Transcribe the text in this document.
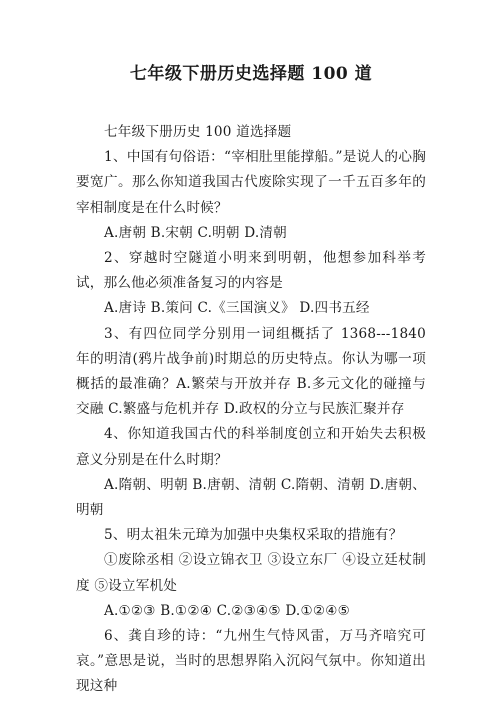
七年级下册历史选择题 100 道

七年级下册历史 100 道选择题

1、中国有句俗语：“宰相肚里能撑船。”是说人的心胸要宽广。那么你知道我国古代废除实现了一千五百多年的宰相制度是在什么时候？

A.唐朝 B.宋朝 C.明朝 D.清朝

2、穿越时空隧道小明来到明朝，他想参加科举考试，那么他必须准备复习的内容是

A.唐诗 B.策问 C.《三国演义》 D.四书五经

3、有四位同学分别用一词组概括了 1368---1840 年的明清(鸦片战争前)时期总的历史特点。你认为哪一项概括的最准确？A.繁荣与开放并存 B.多元文化的碰撞与交融 C.繁盛与危机并存 D.政权的分立与民族汇聚并存

4、你知道我国古代的科举制度创立和开始失去积极意义分别是在什么时期？

A.隋朝、明朝 B.唐朝、清朝 C.隋朝、清朝 D.唐朝、明朝

5、明太祖朱元璋为加强中央集权采取的措施有？

①废除丞相 ②设立锦衣卫 ③设立东厂 ④设立廷杖制度 ⑤设立军机处

A.①②③ B.①②④ C.②③④⑤ D.①②④⑤

6、龚自珍的诗：“九州生气恃风雷，万马齐喑究可哀。”意思是说，当时的思想界陷入沉闷气氛中。你知道出现这种
